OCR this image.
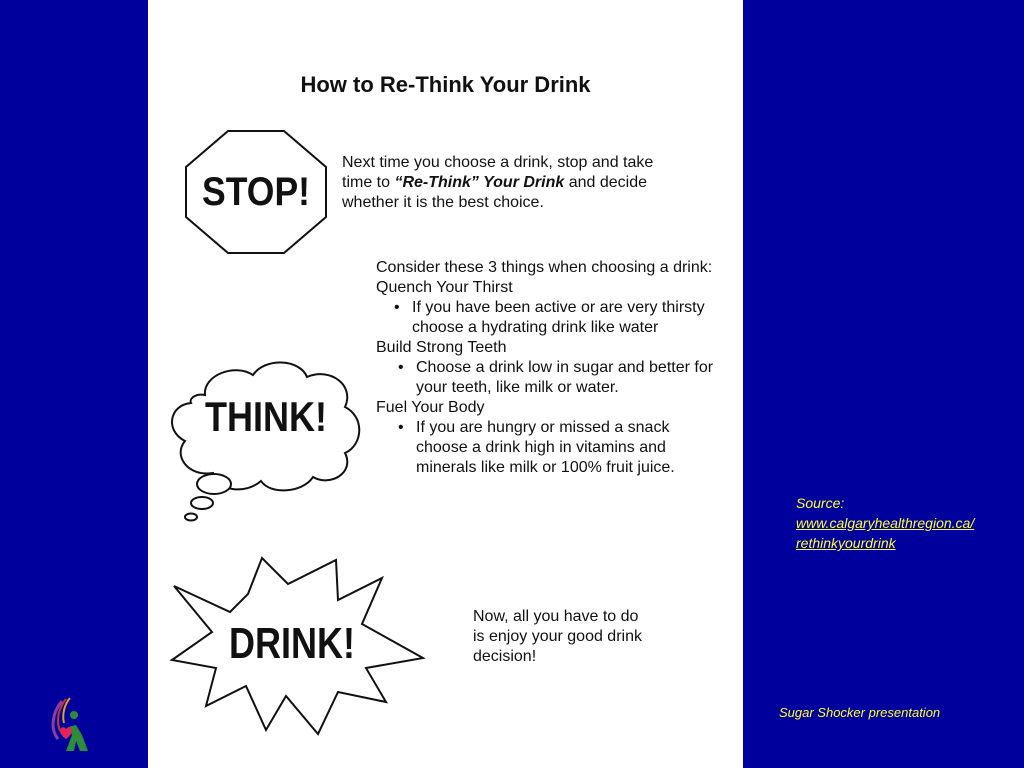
How to Re-Think Your Drink
STOP!
Next time you choose a drink, stop and take time to “Re-Think” Your Drink and decide whether it is the best choice.
THINK!

Consider these 3 things when choosing a drink:

Quench Your Thirst

• If you have been active or are very thirsty choose a hydrating drink like water

Build Strong Teeth

• Choose a drink low in sugar and better for your teeth, like milk or water.

Fuel Your Body

• If you are hungry or missed a snack choose a drink high in vitamins and minerals like milk or 100% fruit juice.
DRINK!
Now, all you have to do is enjoy your good drink decision!
Source:
www.calgaryhealthregion.ca/rethinkyourdrink
Sugar Shocker presentation
